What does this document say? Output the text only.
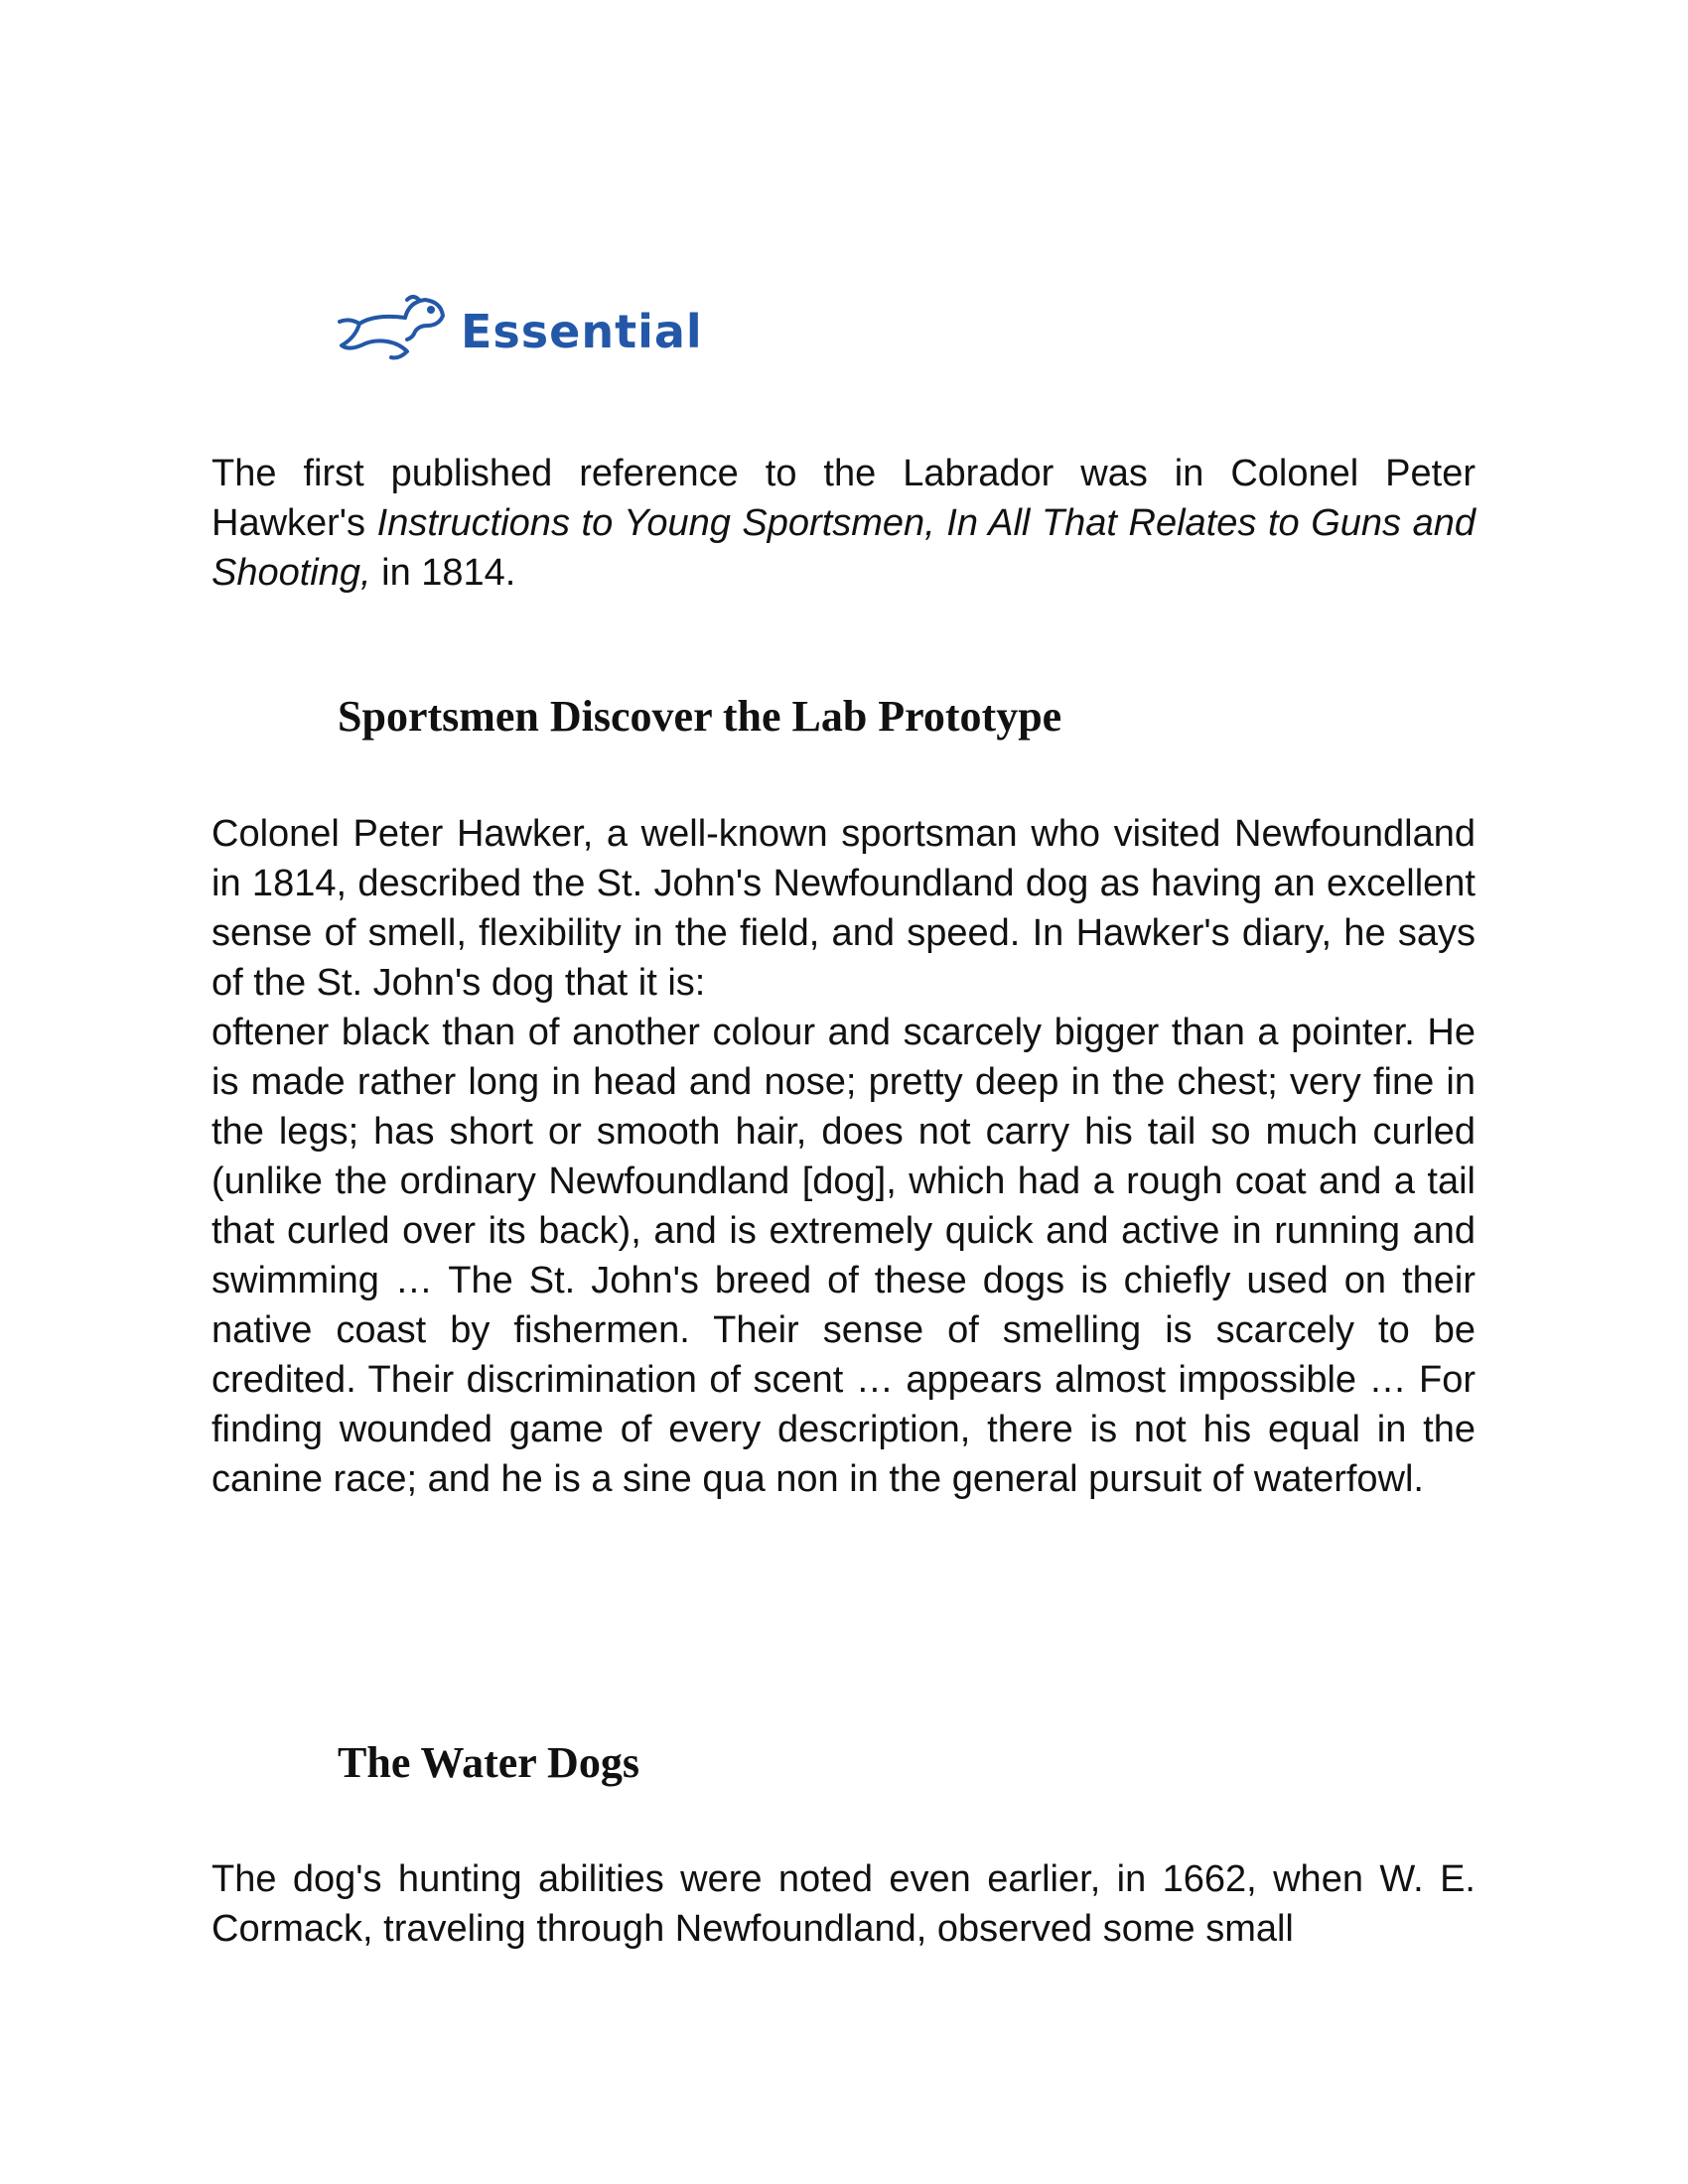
Essential

The first published reference to the Labrador was in Colonel Peter Hawker's Instructions to Young Sportsmen, In All That Relates to Guns and Shooting, in 1814.

Sportsmen Discover the Lab Prototype

Colonel Peter Hawker, a well-known sportsman who visited Newfoundland in 1814, described the St. John's Newfoundland dog as having an excellent sense of smell, flexibility in the field, and speed. In Hawker's diary, he says of the St. John's dog that it is:

oftener black than of another colour and scarcely bigger than a pointer. He is made rather long in head and nose; pretty deep in the chest; very fine in the legs; has short or smooth hair, does not carry his tail so much curled (unlike the ordinary Newfoundland [dog], which had a rough coat and a tail that curled over its back), and is extremely quick and active in running and swimming … The St. John's breed of these dogs is chiefly used on their native coast by fishermen. Their sense of smelling is scarcely to be credited. Their discrimination of scent … appears almost impossible … For finding wounded game of every description, there is not his equal in the canine race; and he is a sine qua non in the general pursuit of waterfowl.

The Water Dogs

The dog's hunting abilities were noted even earlier, in 1662, when W. E. Cormack, traveling through Newfoundland, observed some small
